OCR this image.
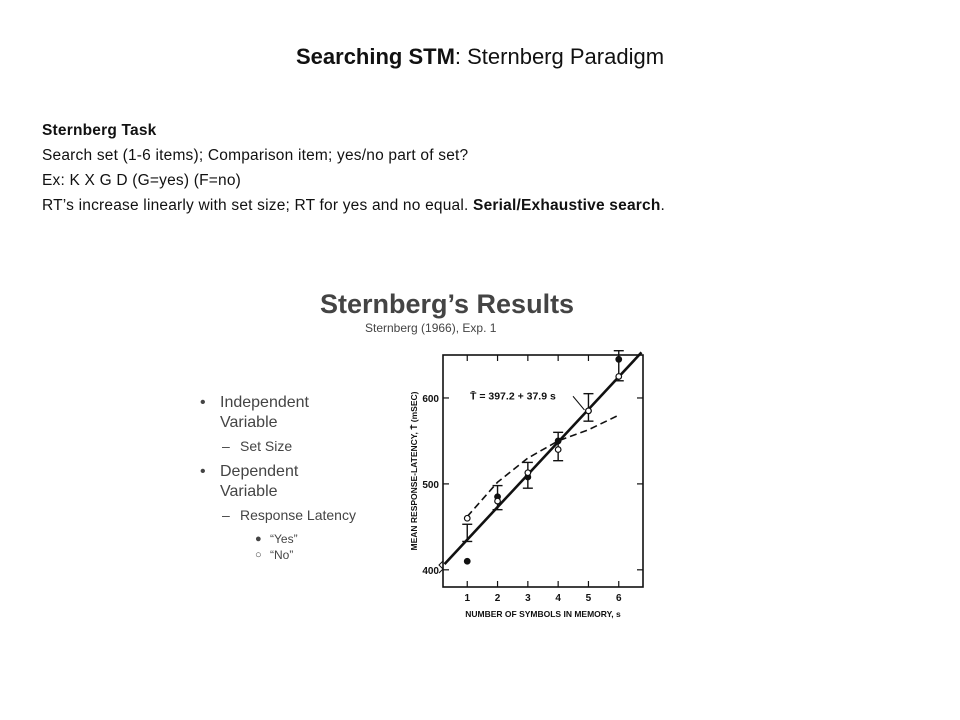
Searching STM: Sternberg Paradigm
Sternberg Task
Search set (1-6 items); Comparison item; yes/no part of set?
Ex: K X G D (G=yes) (F=no)
RT’s increase linearly with set size; RT for yes and no equal. Serial/Exhaustive search.
Sternberg’s Results
Sternberg (1966), Exp. 1
• Independent
Variable
– Set Size
• Dependent
Variable
– Response Latency
● “Yes”
○ “No”
400
500
600
1 2 3 4 5 6
NUMBER OF SYMBOLS IN MEMORY, s
MEAN RESPONSE-LATENCY, T̄ (mSEC)	T̄ = 397.2 + 37.9 s
